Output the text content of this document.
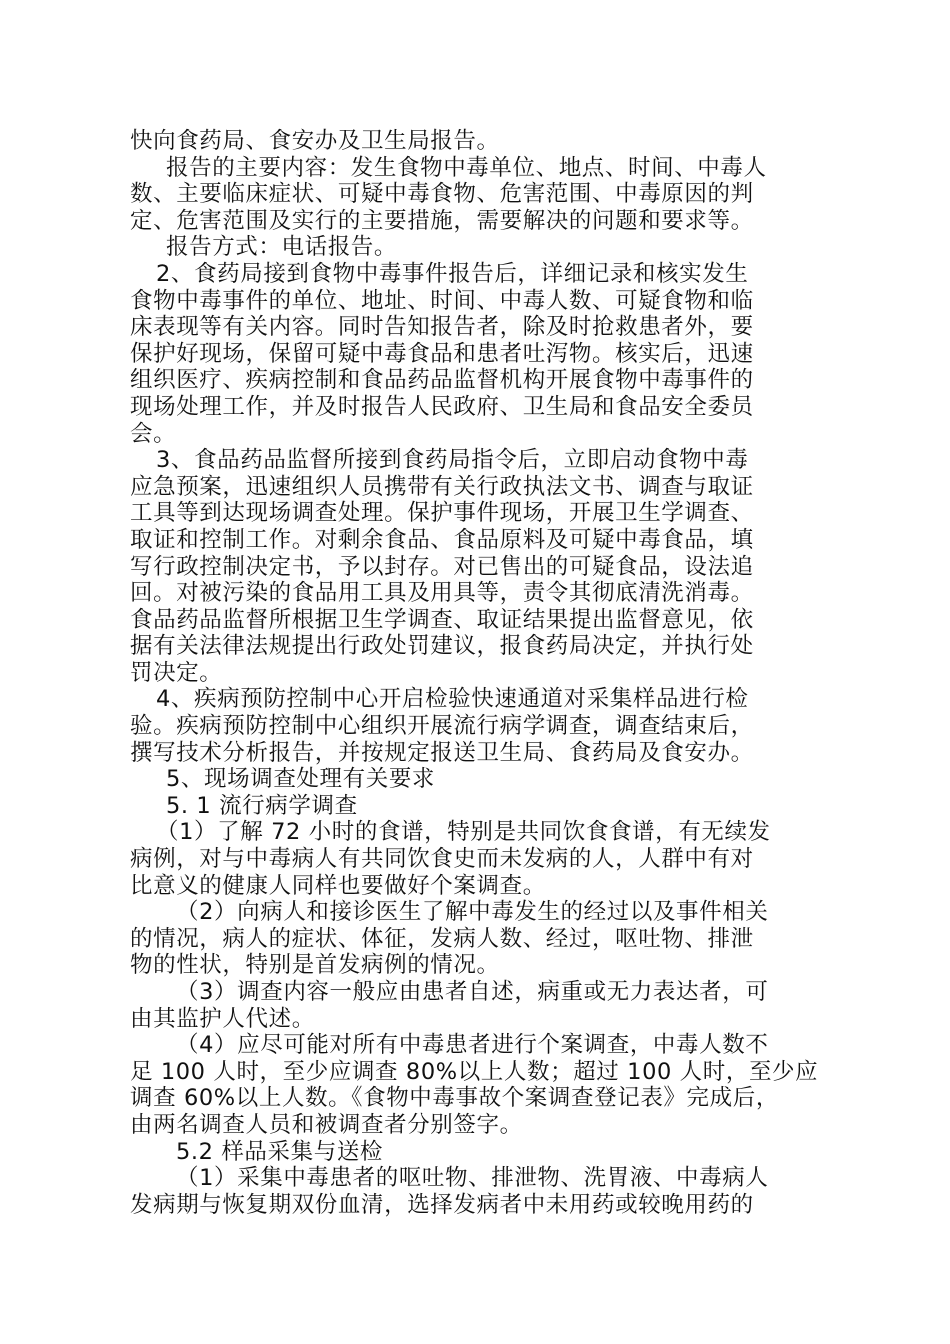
快向食药局、食安办及卫生局报告。
报告的主要内容：发生食物中毒单位、地点、时间、中毒人
数、主要临床症状、可疑中毒食物、危害范围、中毒原因的判
定、危害范围及实行的主要措施，需要解决的问题和要求等。
报告方式：电话报告。
2、食药局接到食物中毒事件报告后，详细记录和核实发生
食物中毒事件的单位、地址、时间、中毒人数、可疑食物和临
床表现等有关内容。同时告知报告者，除及时抢救患者外，要
保护好现场，保留可疑中毒食品和患者吐泻物。核实后，迅速
组织医疗、疾病控制和食品药品监督机构开展食物中毒事件的
现场处理工作，并及时报告人民政府、卫生局和食品安全委员
会。
3、食品药品监督所接到食药局指令后，立即启动食物中毒
应急预案，迅速组织人员携带有关行政执法文书、调查与取证
工具等到达现场调查处理。保护事件现场，开展卫生学调查、
取证和控制工作。对剩余食品、食品原料及可疑中毒食品，填
写行政控制决定书，予以封存。对已售出的可疑食品，设法追
回。对被污染的食品用工具及用具等，责令其彻底清洗消毒。
食品药品监督所根据卫生学调查、取证结果提出监督意见，依
据有关法律法规提出行政处罚建议，报食药局决定，并执行处
罚决定。
4、疾病预防控制中心开启检验快速通道对采集样品进行检
验。疾病预防控制中心组织开展流行病学调查，调查结束后，
撰写技术分析报告，并按规定报送卫生局、食药局及食安办。
5、现场调查处理有关要求
5. 1 流行病学调查
（1）了解 72 小时的食谱，特别是共同饮食食谱，有无续发
病例，对与中毒病人有共同饮食史而未发病的人，人群中有对
比意义的健康人同样也要做好个案调查。
（2）向病人和接诊医生了解中毒发生的经过以及事件相关
的情况，病人的症状、体征，发病人数、经过，呕吐物、排泄
物的性状，特别是首发病例的情况。
（3）调查内容一般应由患者自述，病重或无力表达者，可
由其监护人代述。
（4）应尽可能对所有中毒患者进行个案调查，中毒人数不
足 100 人时，至少应调查 80%以上人数；超过 100 人时，至少应
调查 60%以上人数。《食物中毒事故个案调查登记表》完成后，
由两名调查人员和被调查者分别签字。
5.2 样品采集与送检
（1）采集中毒患者的呕吐物、排泄物、洗胃液、中毒病人
发病期与恢复期双份血清，选择发病者中未用药或较晚用药的
